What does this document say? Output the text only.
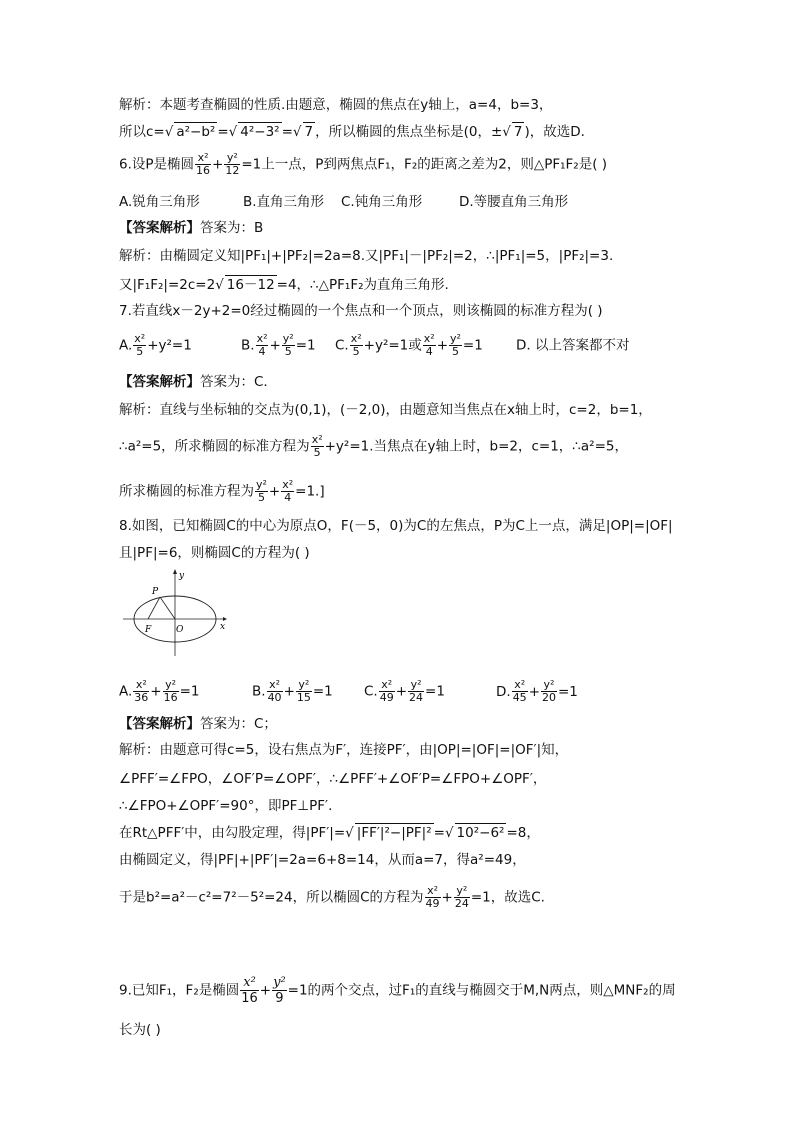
解析：本题考查椭圆的性质.由题意，椭圆的焦点在y轴上，a=4，b=3，
所以c=√ a²−b² =√ 4²−3² =√ 7 ，所以椭圆的焦点坐标是(0，±√ 7 )，故选D.
6.设P是椭圆 $\frac{\text{x²}}{16} + \frac{\text{y²}}{12} =1$上一点，P到两焦点F₁，F₂的距离之差为2，则△PF₁F₂是( )
A.锐角三角形	B.直角三角形 C.钝角三角形	D.等腰直角三角形
【答案解析】答案为：B
解析：由椭圆定义知|PF₁|+|PF₂|=2a=8.又|PF₁|－|PF₂|=2，∴|PF₁|=5，|PF₂|=3.
又|F₁F₂|=2c=2√ 16－12 =4，∴△PF₁F₂为直角三角形.
7.若直线x－2y+2=0经过椭圆的一个焦点和一个顶点，则该椭圆的标准方程为( )
A. $\frac{\text{x²}}{5} +y^2=1$	B. $\frac{\text{x²}}{4} + \frac{\text{y²}}{5} =1$ C. $\frac{\text{x²}}{5} +y^2=1$或 $\frac{\text{x²}}{4} + \frac{\text{y²}}{5} =1$ D. 以上答案都不对
【答案解析】答案为：C.
解析：直线与坐标轴的交点为(0,1)，(－2,0)，由题意知当焦点在x轴上时，c=2，b=1，
∴a²=5，所求椭圆的标准方程为 $\frac{\text{x²}}{5} +y^2=1$.当焦点在y轴上时，b=2，c=1，∴a²=5，
所求椭圆的标准方程为 $\frac{\text{y²}}{5} + \frac{\text{x²}}{4} =1$.]
8.如图，已知椭圆C的中心为原点O，F(－5，0)为C的左焦点，P为C上一点，满足|OP|=|OF|
且|PF|=6，则椭圆C的方程为( )
y
x
P
F	O
A. $\frac{\text{x²}}{36} + \frac{\text{y²}}{16} =1$	B. $\frac{\text{x²}}{40} + \frac{\text{y²}}{15} =1$ C. $\frac{\text{x²}}{49} + \frac{\text{y²}}{24} =1$	D. $\frac{\text{x²}}{45} + \frac{\text{y²}}{20} =1$
【答案解析】答案为：C；
解析：由题意可得c=5，设右焦点为F′，连接PF′，由|OP|=|OF|=|OF′|知，
∠PFF′=∠FPO，∠OF′P=∠OPF′，∴∠PFF′+∠OF′P=∠FPO+∠OPF′，
∴∠FPO+∠OPF′=90°，即PF⊥PF′.
在Rt△PFF′中，由勾股定理，得|PF′|=√ |FF′|²−|PF|² =√ 10²−6² =8，
由椭圆定义，得|PF|+|PF′|=2a=6+8=14，从而a=7，得a²=49，
于是b²=a²－c²=7²－5²=24，所以椭圆C的方程为 $\frac{\text{x²}}{49} + \frac{\text{y²}}{24} =1$，故选C.
9.已知F₁，F₂是椭圆 $\frac{\text{x²}}{16} + \frac{\text{y²}}{9} =1$的两个交点，过F₁的直线与椭圆交于M,N两点，则△MNF₂的周
长为( )
